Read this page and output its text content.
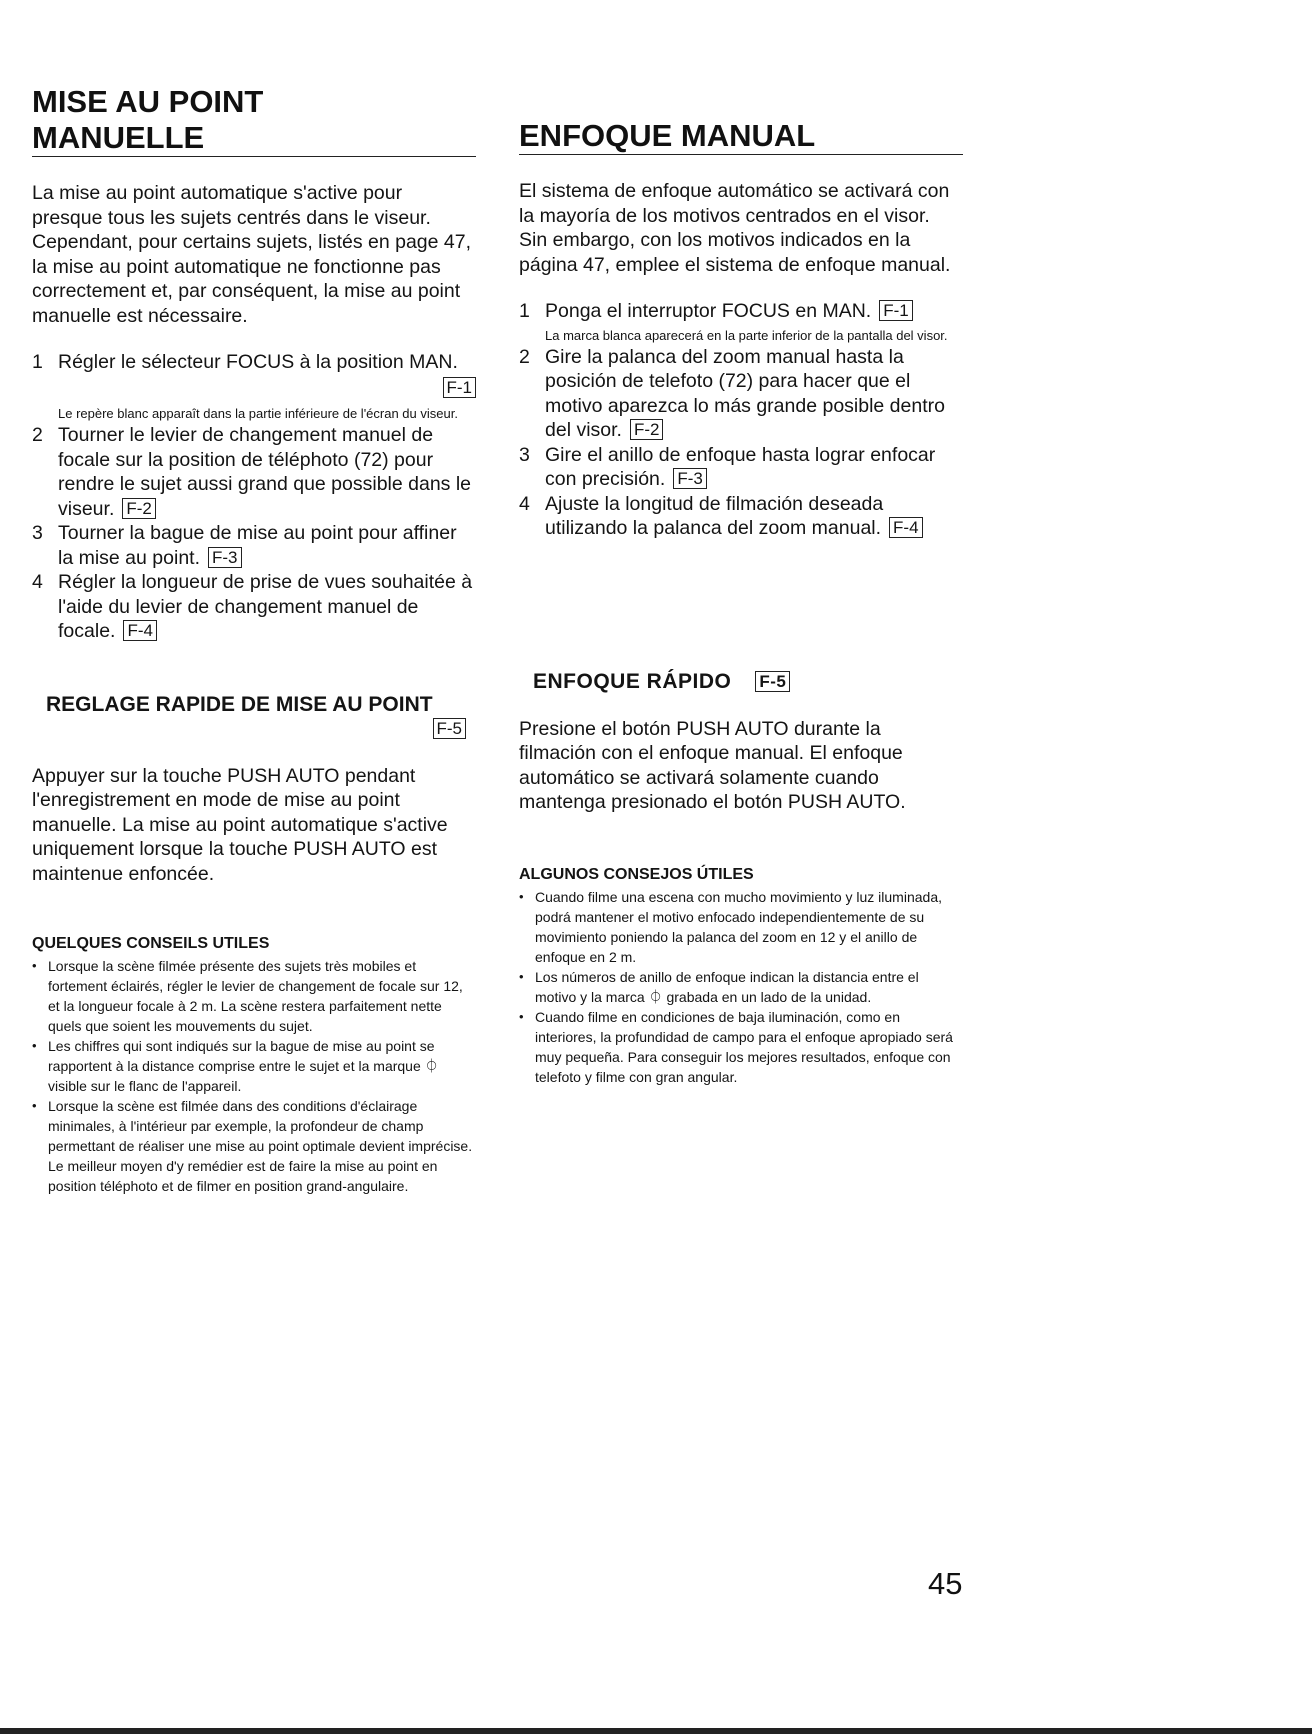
MISE AU POINT
MANUELLE

La mise au point automatique s'active pour presque tous les sujets centrés dans le viseur. Cependant, pour certains sujets, listés en page 47, la mise au point automatique ne fonctionne pas correctement et, par conséquent, la mise au point manuelle est nécessaire.

1 Régler le sélecteur FOCUS à la position MAN.
F-1
Le repère blanc apparaît dans la partie inférieure de l'écran du viseur.
2 Tourner le levier de changement manuel de focale sur la position de téléphoto (72) pour rendre le sujet aussi grand que possible dans le viseur. F-2
3 Tourner la bague de mise au point pour affiner la mise au point. F-3
4 Régler la longueur de prise de vues souhaitée à l'aide du levier de changement manuel de focale. F-4
REGLAGE RAPIDE DE MISE AU POINT
F-5

Appuyer sur la touche PUSH AUTO pendant l'enregistrement en mode de mise au point manuelle. La mise au point automatique s'active uniquement lorsque la touche PUSH AUTO est maintenue enfoncée.

QUELQUES CONSEILS UTILES
• Lorsque la scène filmée présente des sujets très mobiles et fortement éclairés, régler le levier de changement de focale sur 12, et la longueur focale à 2 m. La scène restera parfaitement nette quels que soient les mouvements du sujet.
• Les chiffres qui sont indiqués sur la bague de mise au point se rapportent à la distance comprise entre le sujet et la marque ⏀ visible sur le flanc de l'appareil.
• Lorsque la scène est filmée dans des conditions d'éclairage minimales, à l'intérieur par exemple, la profondeur de champ permettant de réaliser une mise au point optimale devient imprécise. Le meilleur moyen d'y remédier est de faire la mise au point en position téléphoto et de filmer en position grand-angulaire.
ENFOQUE MANUAL

El sistema de enfoque automático se activará con la mayoría de los motivos centrados en el visor. Sin embargo, con los motivos indicados en la página 47, emplee el sistema de enfoque manual.

1 Ponga el interruptor FOCUS en MAN. F-1
La marca blanca aparecerá en la parte inferior de la pantalla del visor.
2 Gire la palanca del zoom manual hasta la posición de telefoto (72) para hacer que el motivo aparezca lo más grande posible dentro del visor. F-2
3 Gire el anillo de enfoque hasta lograr enfocar con precisión. F-3
4 Ajuste la longitud de filmación deseada utilizando la palanca del zoom manual. F-4
ENFOQUE RÁPIDO F-5

Presione el botón PUSH AUTO durante la filmación con el enfoque manual. El enfoque automático se activará solamente cuando mantenga presionado el botón PUSH AUTO.

ALGUNOS CONSEJOS ÚTILES
• Cuando filme una escena con mucho movimiento y luz iluminada, podrá mantener el motivo enfocado independientemente de su movimiento poniendo la palanca del zoom en 12 y el anillo de enfoque en 2 m.
• Los números de anillo de enfoque indican la distancia entre el motivo y la marca ⏀ grabada en un lado de la unidad.
• Cuando filme en condiciones de baja iluminación, como en interiores, la profundidad de campo para el enfoque apropiado será muy pequeña. Para conseguir los mejores resultados, enfoque con telefoto y filme con gran angular.
45
